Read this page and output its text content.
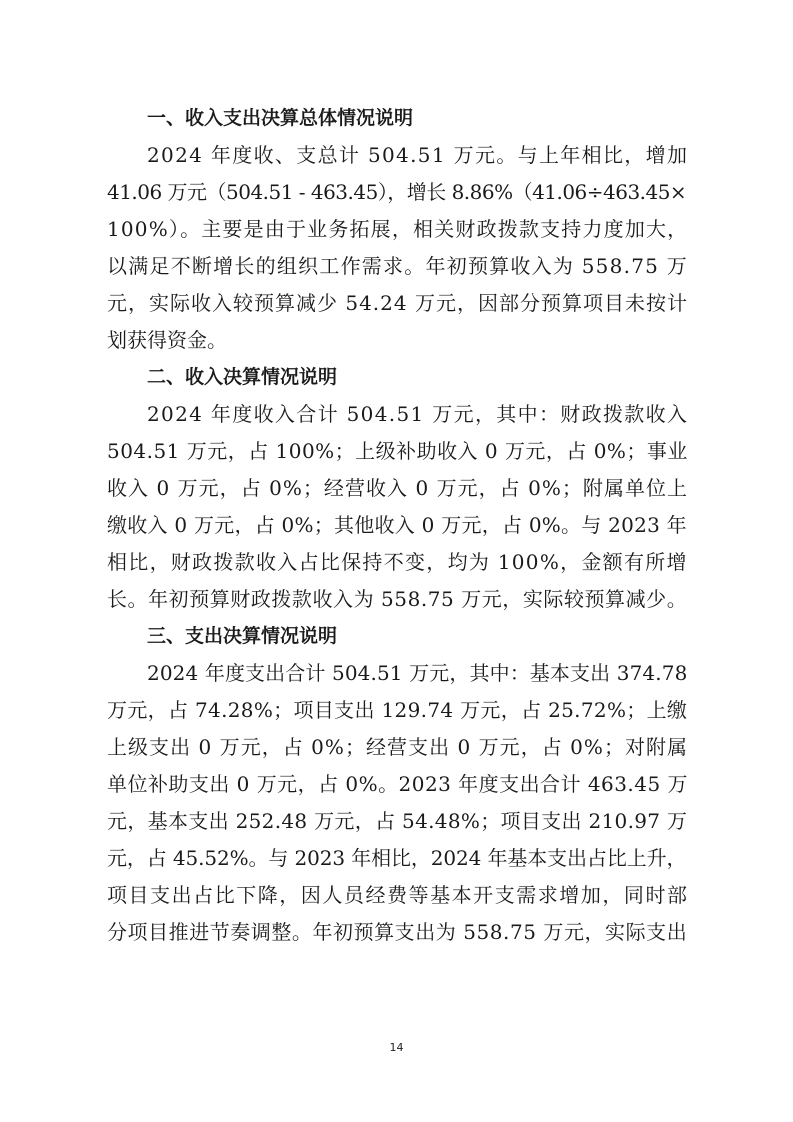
一、收入支出决算总体情况说明
2024 年度收、支总计 504.51 万元。与上年相比，增加
41.06 万元（504.51 - 463.45），增长 8.86%（41.06÷463.45×
100%）。主要是由于业务拓展，相关财政拨款支持力度加大，
以满足不断增长的组织工作需求。年初预算收入为 558.75 万
元，实际收入较预算减少 54.24 万元，因部分预算项目未按计
划获得资金。
二、收入决算情况说明
2024 年度收入合计 504.51 万元，其中：财政拨款收入
504.51 万元，占 100%；上级补助收入 0 万元，占 0%；事业
收入 0 万元，占 0%；经营收入 0 万元，占 0%；附属单位上
缴收入 0 万元，占 0%；其他收入 0 万元，占 0%。与 2023 年
相比，财政拨款收入占比保持不变，均为 100%，金额有所增
长。年初预算财政拨款收入为 558.75 万元，实际较预算减少。
三、支出决算情况说明
2024 年度支出合计 504.51 万元，其中：基本支出 374.78
万元，占 74.28%；项目支出 129.74 万元，占 25.72%；上缴
上级支出 0 万元，占 0%；经营支出 0 万元，占 0%；对附属
单位补助支出 0 万元，占 0%。2023 年度支出合计 463.45 万
元，基本支出 252.48 万元，占 54.48%；项目支出 210.97 万
元，占 45.52%。与 2023 年相比，2024 年基本支出占比上升，
项目支出占比下降，因人员经费等基本开支需求增加，同时部
分项目推进节奏调整。年初预算支出为 558.75 万元，实际支出
14
